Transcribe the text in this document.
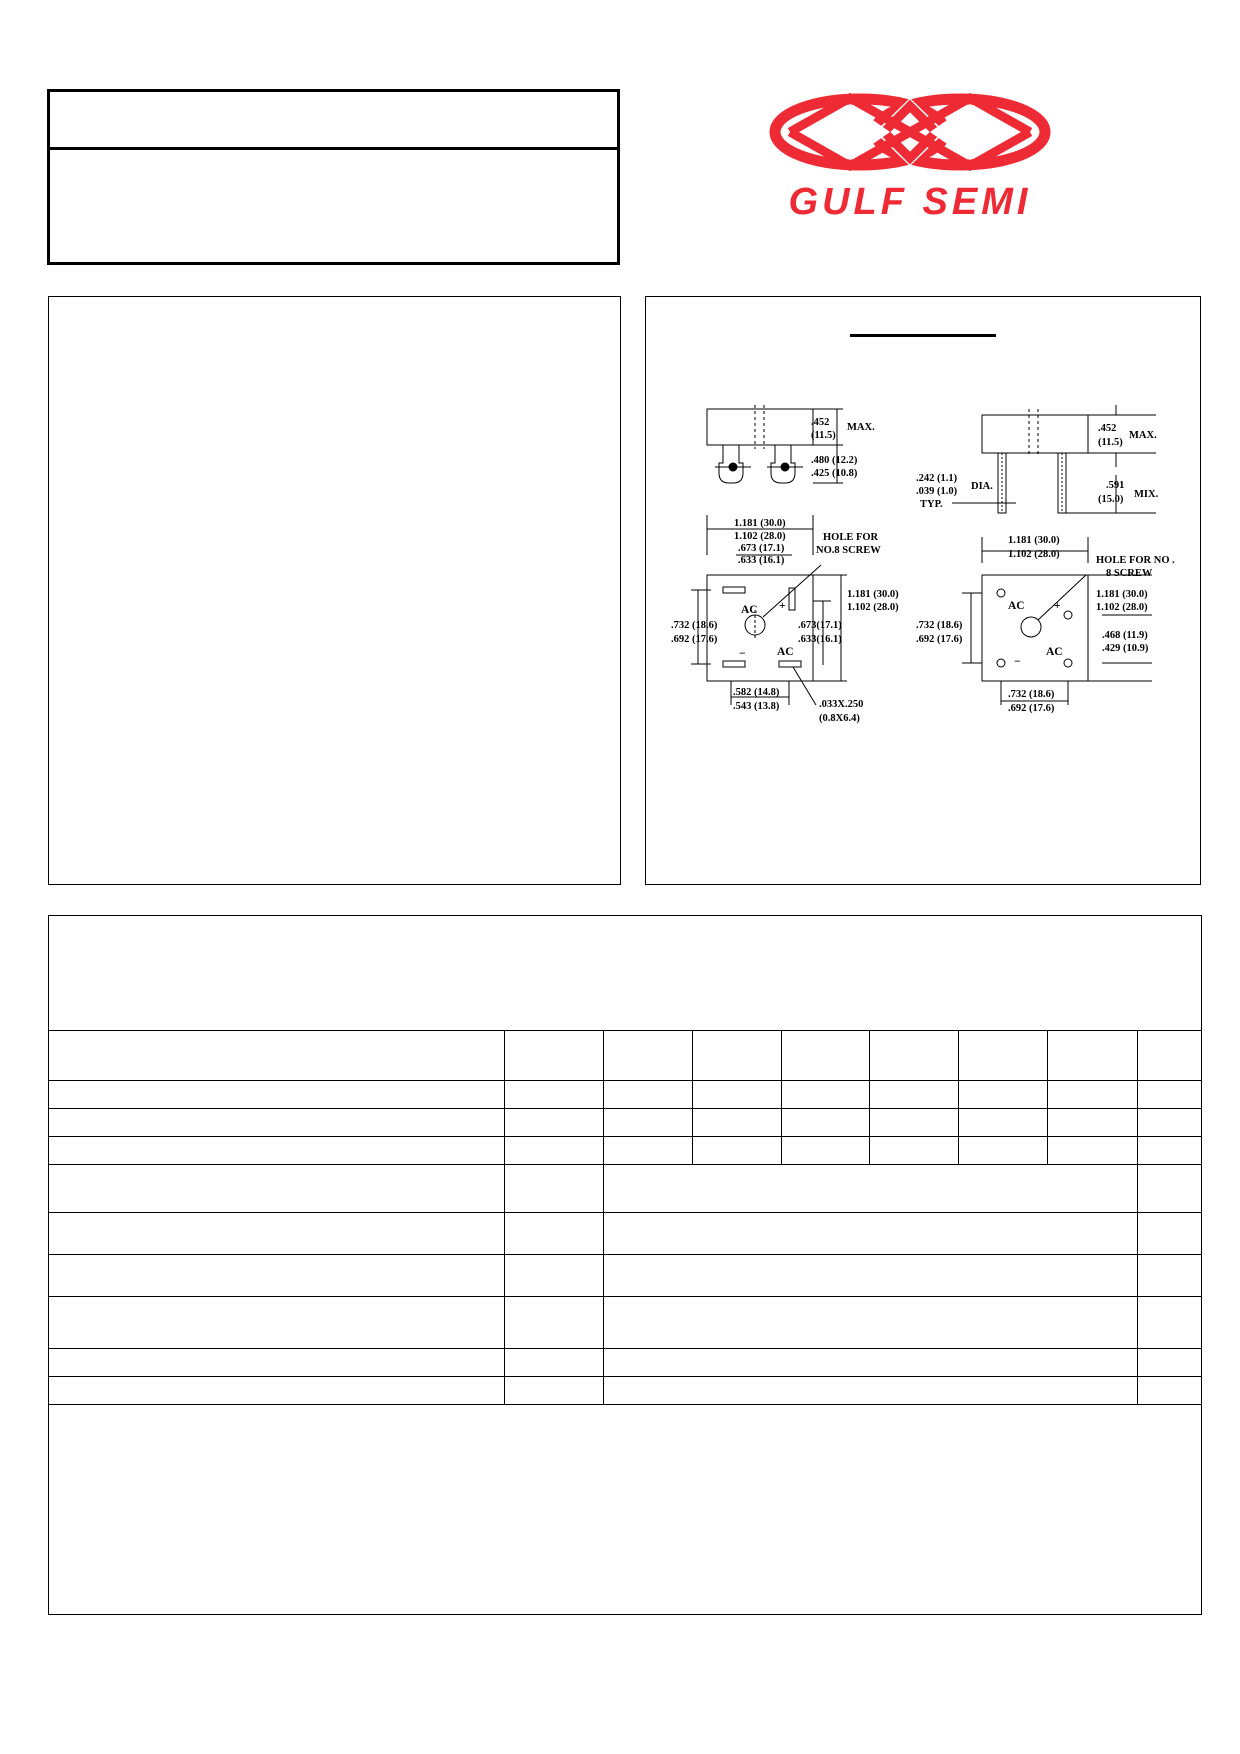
GULF SEMI
.452
(11.5)
MAX.
.480 (12.2)
.425 (10.8)
1.181 (30.0)
1.102 (28.0)
.673 (17.1)
.633 (16.1)
AC
AC
+
−
.732 (18.6)
.692 (17.6)
HOLE FOR
NO.8 SCREW
1.181 (30.0)
1.102 (28.0)
.673(17.1)
.633(16.1)
.582 (14.8)
.543 (13.8)	.033X.250
(0.8X6.4)
.452
(11.5)
MAX.
.591
(15.0) MIX.
.242 (1.1)
.039 (1.0) DIA.
TYP.
1.181 (30.0)
1.102 (28.0)
AC
AC
+
−
HOLE FOR NO .
8 SCREW
.732 (18.6)
.692 (17.6)
1.181 (30.0)
1.102 (28.0)
.468 (11.9)
.429 (10.9)
.732 (18.6)
.692 (17.6)
